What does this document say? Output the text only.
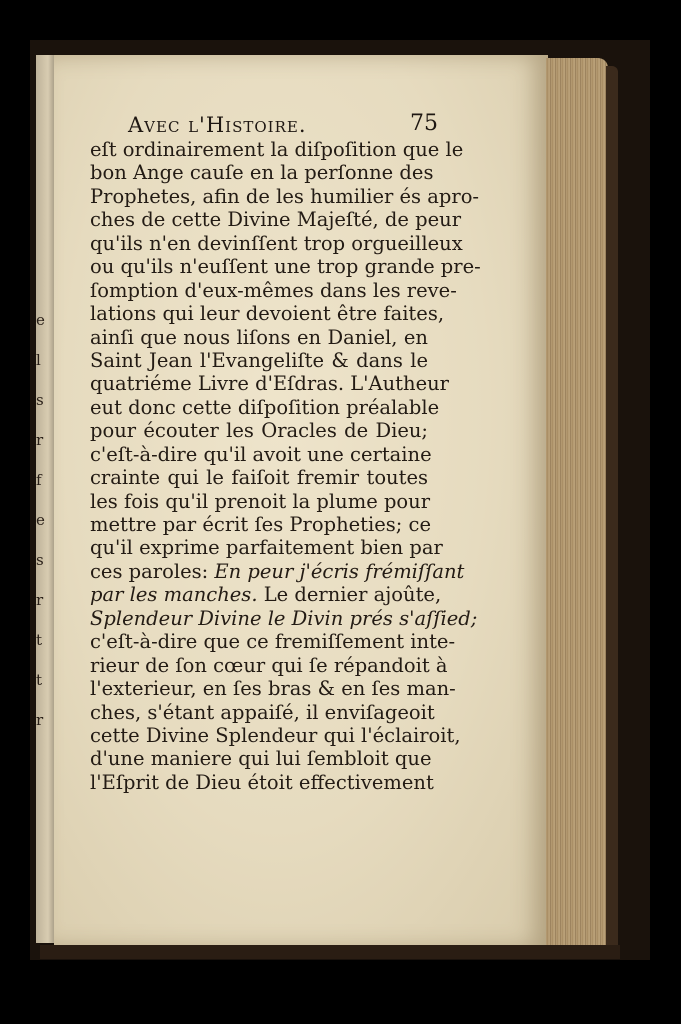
e
l
s
r
f
e
s
r
t
t
r
Avec l'Histoire.	75
eſt ordinairement la diſpoſition que le
bon Ange cauſe en la perſonne des
Prophetes, afin de les humilier és apro-
ches de cette Divine Majeſté, de peur
qu'ils n'en devinſſent trop orgueilleux
ou qu'ils n'euſſent une trop grande pre-
ſomption d'eux-mêmes dans les reve-
lations qui leur devoient être faites,
ainſi que nous liſons en Daniel, en
Saint Jean l'Evangeliſte & dans le
quatriéme Livre d'Eſdras. L'Autheur
eut donc cette diſpoſition préalable
pour écouter les Oracles de Dieu;
c'eſt-à-dire qu'il avoit une certaine
crainte qui le faiſoit fremir toutes
les fois qu'il prenoit la plume pour
mettre par écrit ſes Propheties; ce
qu'il exprime parfaitement bien par
ces paroles: En peur j'écris frémiſſant
par les manches. Le dernier ajoûte,
Splendeur Divine le Divin prés s'aſſied;
c'eſt-à-dire que ce fremiſſement inte-
rieur de ſon cœur qui ſe répandoit à
l'exterieur, en ſes bras & en ſes man-
ches, s'étant appaiſé, il enviſageoit
cette Divine Splendeur qui l'éclairoit,
d'une maniere qui lui ſembloit que
l'Eſprit de Dieu étoit effectivement
